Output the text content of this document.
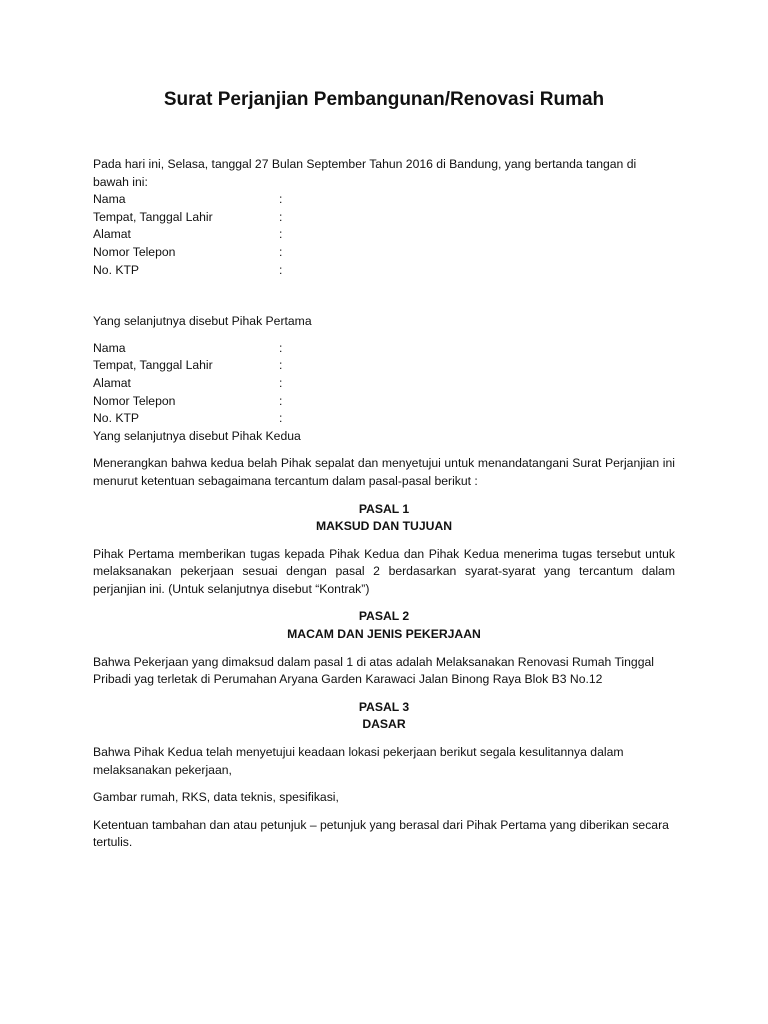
Surat Perjanjian Pembangunan/Renovasi Rumah

Pada hari ini, Selasa, tanggal 27 Bulan September Tahun 2016 di Bandung, yang bertanda tangan di bawah ini:

Nama	:
Tempat, Tanggal Lahir	:
Alamat	:
Nomor Telepon	:
No. KTP	:

Yang selanjutnya disebut Pihak Pertama

Nama	:
Tempat, Tanggal Lahir	:
Alamat	:
Nomor Telepon	:
No. KTP	:

Yang selanjutnya disebut Pihak Kedua

Menerangkan bahwa kedua belah Pihak sepalat dan menyetujui untuk menandatangani Surat Perjanjian ini menurut ketentuan sebagaimana tercantum dalam pasal-pasal berikut :

PASAL 1

MAKSUD DAN TUJUAN

Pihak Pertama memberikan tugas kepada Pihak Kedua dan Pihak Kedua menerima tugas tersebut untuk melaksanakan pekerjaan sesuai dengan pasal 2 berdasarkan syarat-syarat yang tercantum dalam perjanjian ini. (Untuk selanjutnya disebut “Kontrak”)

PASAL 2

MACAM DAN JENIS PEKERJAAN

Bahwa Pekerjaan yang dimaksud dalam pasal 1 di atas adalah Melaksanakan Renovasi Rumah Tinggal Pribadi yag terletak di Perumahan Aryana Garden Karawaci Jalan Binong Raya Blok B3 No.12

PASAL 3

DASAR

Bahwa Pihak Kedua telah menyetujui keadaan lokasi pekerjaan berikut segala kesulitannya dalam melaksanakan pekerjaan,

Gambar rumah, RKS, data teknis, spesifikasi,

Ketentuan tambahan dan atau petunjuk – petunjuk yang berasal dari Pihak Pertama yang diberikan secara tertulis.
